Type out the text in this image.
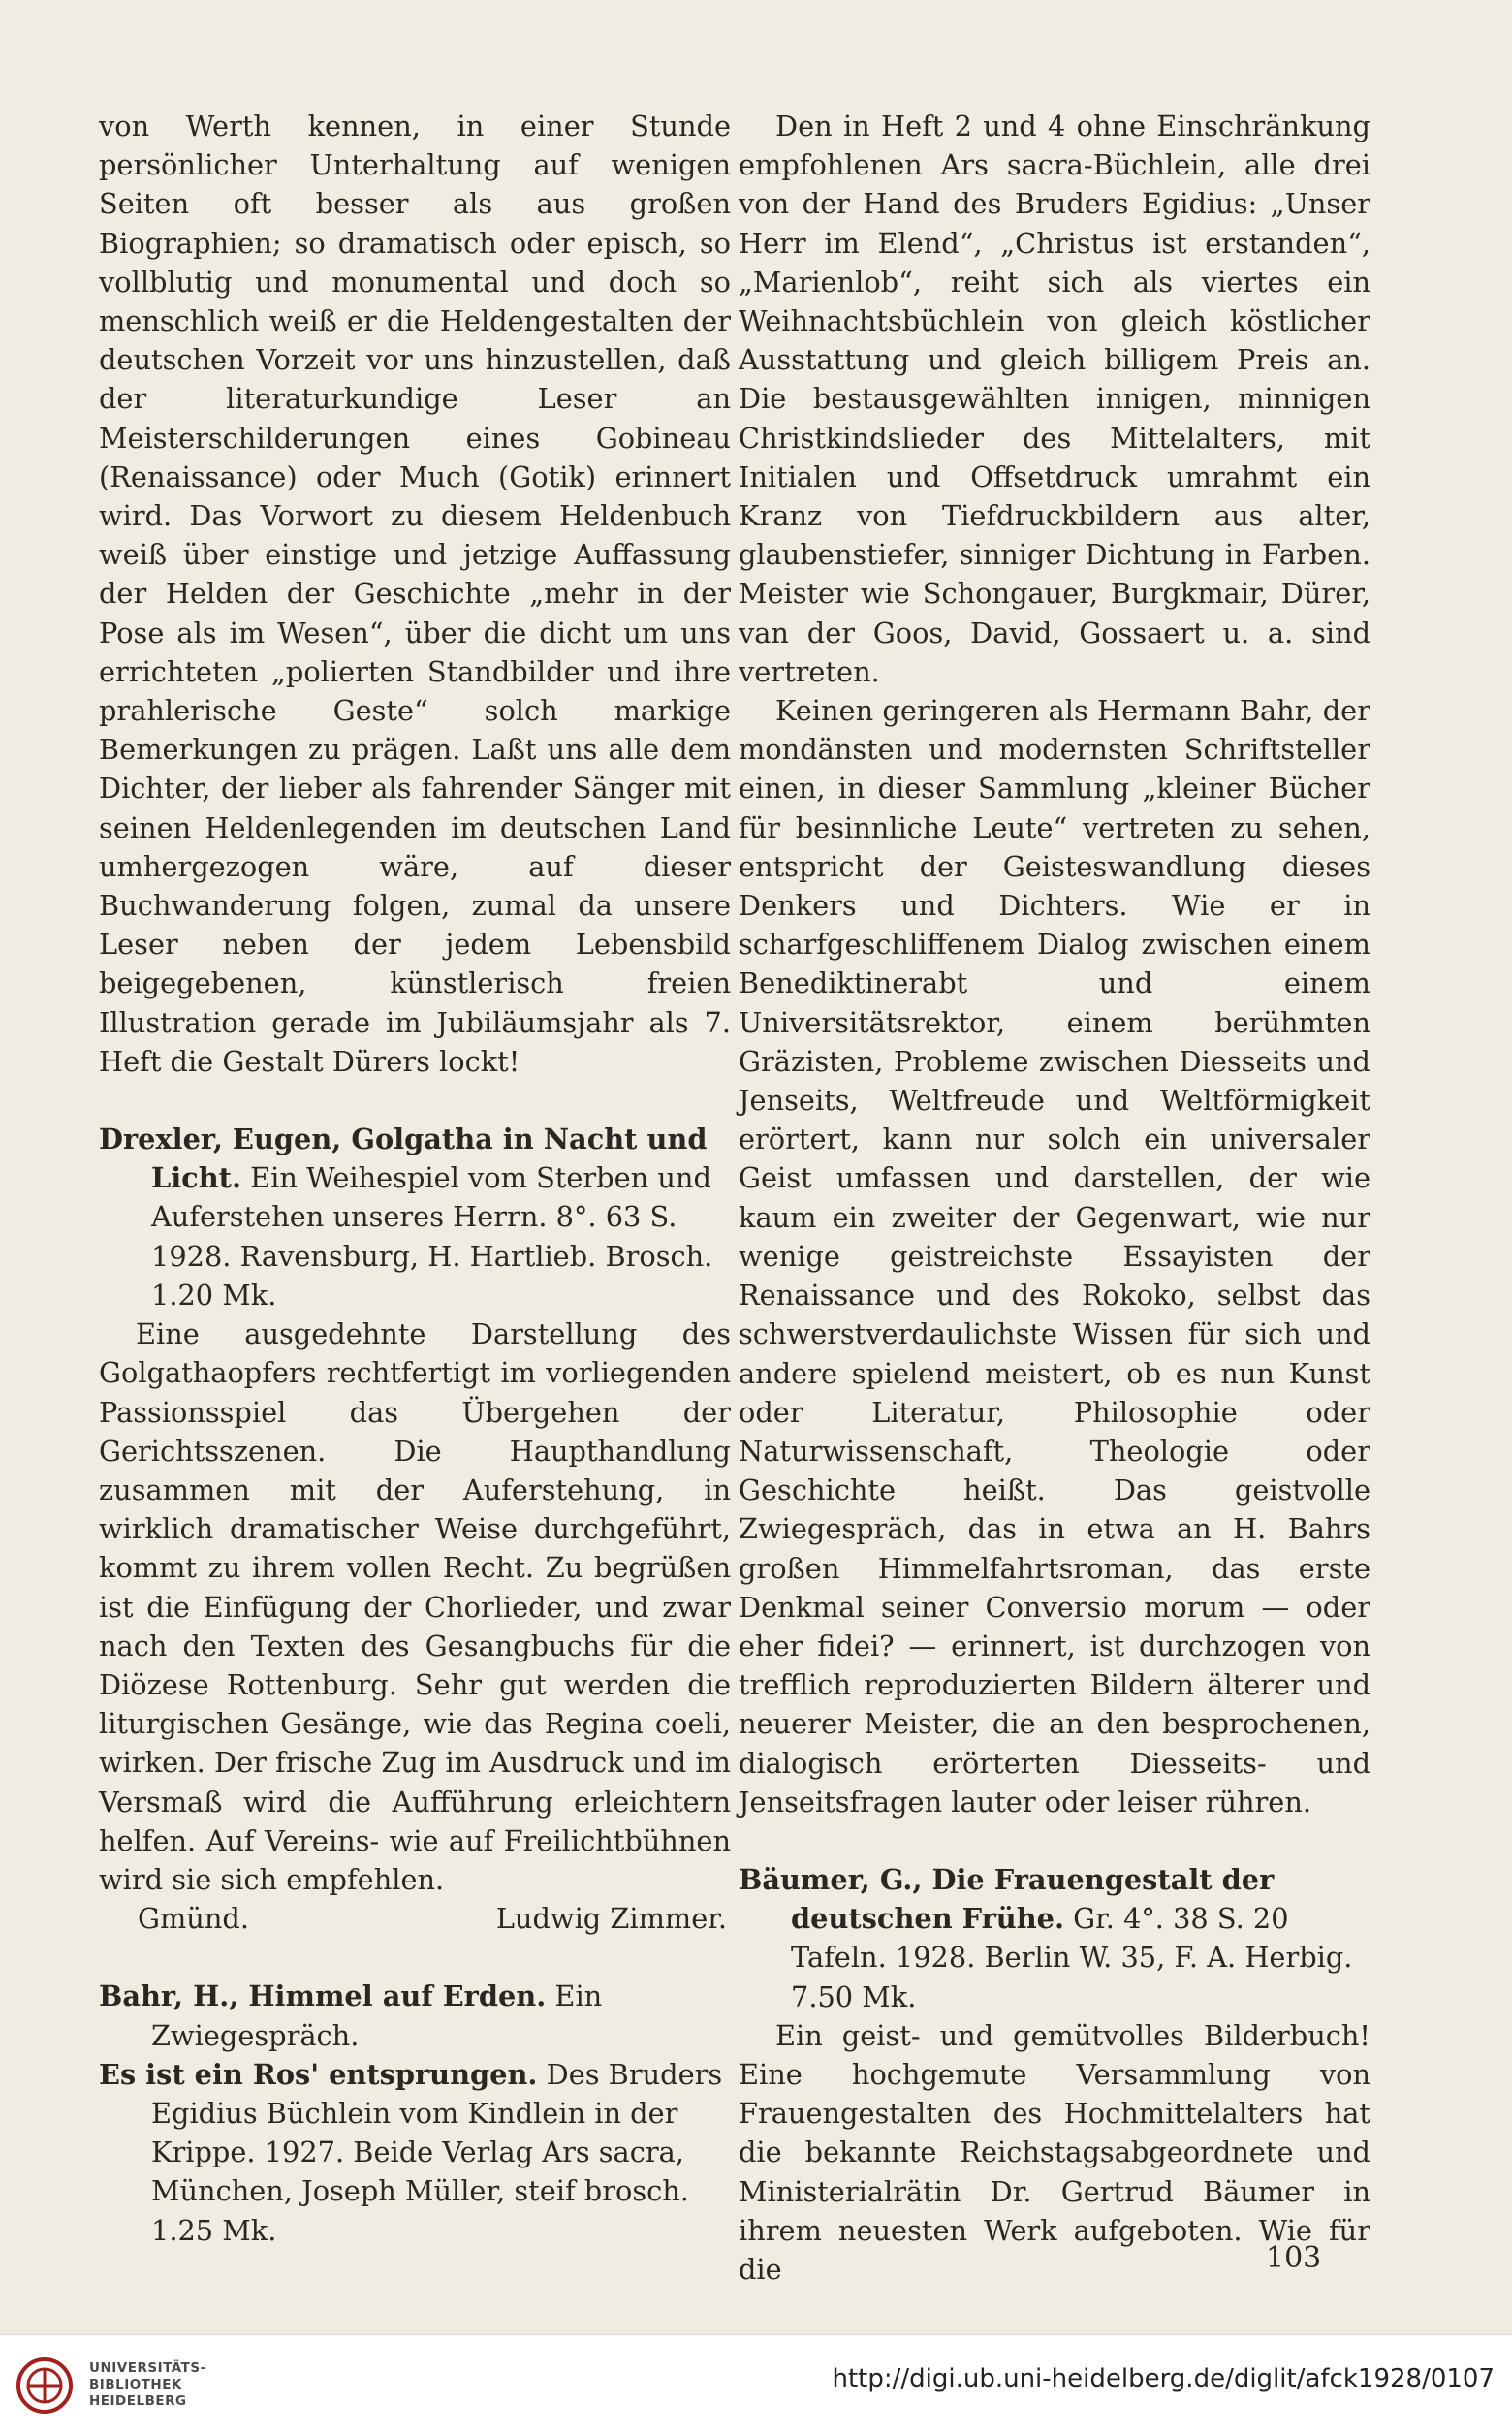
von Werth kennen, in einer Stunde persönlicher Unterhaltung auf wenigen Seiten oft besser als aus großen Biographien; so dramatisch oder episch, so vollblutig und monumental und doch so menschlich weiß er die Heldengestalten der deutschen Vorzeit vor uns hinzustellen, daß der literaturkundige Leser an Meisterschilderungen eines Gobineau (Renaissance) oder Much (Gotik) erinnert wird. Das Vorwort zu diesem Heldenbuch weiß über einstige und jetzige Auffassung der Helden der Geschichte „mehr in der Pose als im Wesen“, über die dicht um uns errichteten „polierten Standbilder und ihre prahlerische Geste“ solch markige Bemerkungen zu prägen. Laßt uns alle dem Dichter, der lieber als fahrender Sänger mit seinen Heldenlegenden im deutschen Land umhergezogen wäre, auf dieser Buchwanderung folgen, zumal da unsere Leser neben der jedem Lebensbild beigegebenen, künstlerisch freien Illustration gerade im Jubiläumsjahr als 7. Heft die Gestalt Dürers lockt!

Drexler, Eugen, Golgatha in Nacht und Licht. Ein Weihespiel vom Sterben und Auferstehen unseres Herrn. 8°. 63 S. 1928. Ravensburg, H. Hartlieb. Brosch. 1.20 Mk.

Eine ausgedehnte Darstellung des Golgathaopfers rechtfertigt im vorliegenden Passionsspiel das Übergehen der Gerichtsszenen. Die Haupthandlung zusammen mit der Auferstehung, in wirklich dramatischer Weise durchgeführt, kommt zu ihrem vollen Recht. Zu begrüßen ist die Einfügung der Chorlieder, und zwar nach den Texten des Gesangbuchs für die Diözese Rottenburg. Sehr gut werden die liturgischen Gesänge, wie das Regina coeli, wirken. Der frische Zug im Ausdruck und im Versmaß wird die Aufführung erleichtern helfen. Auf Vereins- wie auf Freilichtbühnen wird sie sich empfehlen.

Gmünd.	Ludwig Zimmer.

Bahr, H., Himmel auf Erden. Ein Zwiegespräch.

Es ist ein Ros' entsprungen. Des Bruders Egidius Büchlein vom Kindlein in der Krippe. 1927. Beide Verlag Ars sacra, München, Joseph Müller, steif brosch. 1.25 Mk.

Den in Heft 2 und 4 ohne Einschränkung empfohlenen Ars sacra-Büchlein, alle drei von der Hand des Bruders Egidius: „Unser Herr im Elend“, „Christus ist erstanden“, „Marienlob“, reiht sich als viertes ein Weihnachtsbüchlein von gleich köstlicher Ausstattung und gleich billigem Preis an. Die bestausgewählten innigen, minnigen Christkindslieder des Mittelalters, mit Initialen und Offsetdruck umrahmt ein Kranz von Tiefdruckbildern aus alter, glaubenstiefer, sinniger Dichtung in Farben. Meister wie Schongauer, Burgkmair, Dürer, van der Goos, David, Gossaert u. a. sind vertreten.

Keinen geringeren als Hermann Bahr, der mondänsten und modernsten Schriftsteller einen, in dieser Sammlung „kleiner Bücher für besinnliche Leute“ vertreten zu sehen, entspricht der Geisteswandlung dieses Denkers und Dichters. Wie er in scharfgeschliffenem Dialog zwischen einem Benediktinerabt und einem Universitätsrektor, einem berühmten Gräzisten, Probleme zwischen Diesseits und Jenseits, Weltfreude und Weltförmigkeit erörtert, kann nur solch ein universaler Geist umfassen und darstellen, der wie kaum ein zweiter der Gegenwart, wie nur wenige geistreichste Essayisten der Renaissance und des Rokoko, selbst das schwerstverdaulichste Wissen für sich und andere spielend meistert, ob es nun Kunst oder Literatur, Philosophie oder Naturwissenschaft, Theologie oder Geschichte heißt. Das geistvolle Zwiegespräch, das in etwa an H. Bahrs großen Himmelfahrtsroman, das erste Denkmal seiner Conversio morum — oder eher fidei? — erinnert, ist durchzogen von trefflich reproduzierten Bildern älterer und neuerer Meister, die an den besprochenen, dialogisch erörterten Diesseits- und Jenseitsfragen lauter oder leiser rühren.

Bäumer, G., Die Frauengestalt der deutschen Frühe. Gr. 4°. 38 S. 20 Tafeln. 1928. Berlin W. 35, F. A. Herbig. 7.50 Mk.

Ein geist- und gemütvolles Bilderbuch! Eine hochgemute Versammlung von Frauengestalten des Hochmittelalters hat die bekannte Reichstagsabgeordnete und Ministerialrätin Dr. Gertrud Bäumer in ihrem neuesten Werk aufgeboten. Wie für die	103
UNIVERSITÄTS-
BIBLIOTHEK
HEIDELBERG
http://digi.ub.uni-heidelberg.de/diglit/afck1928/0107
